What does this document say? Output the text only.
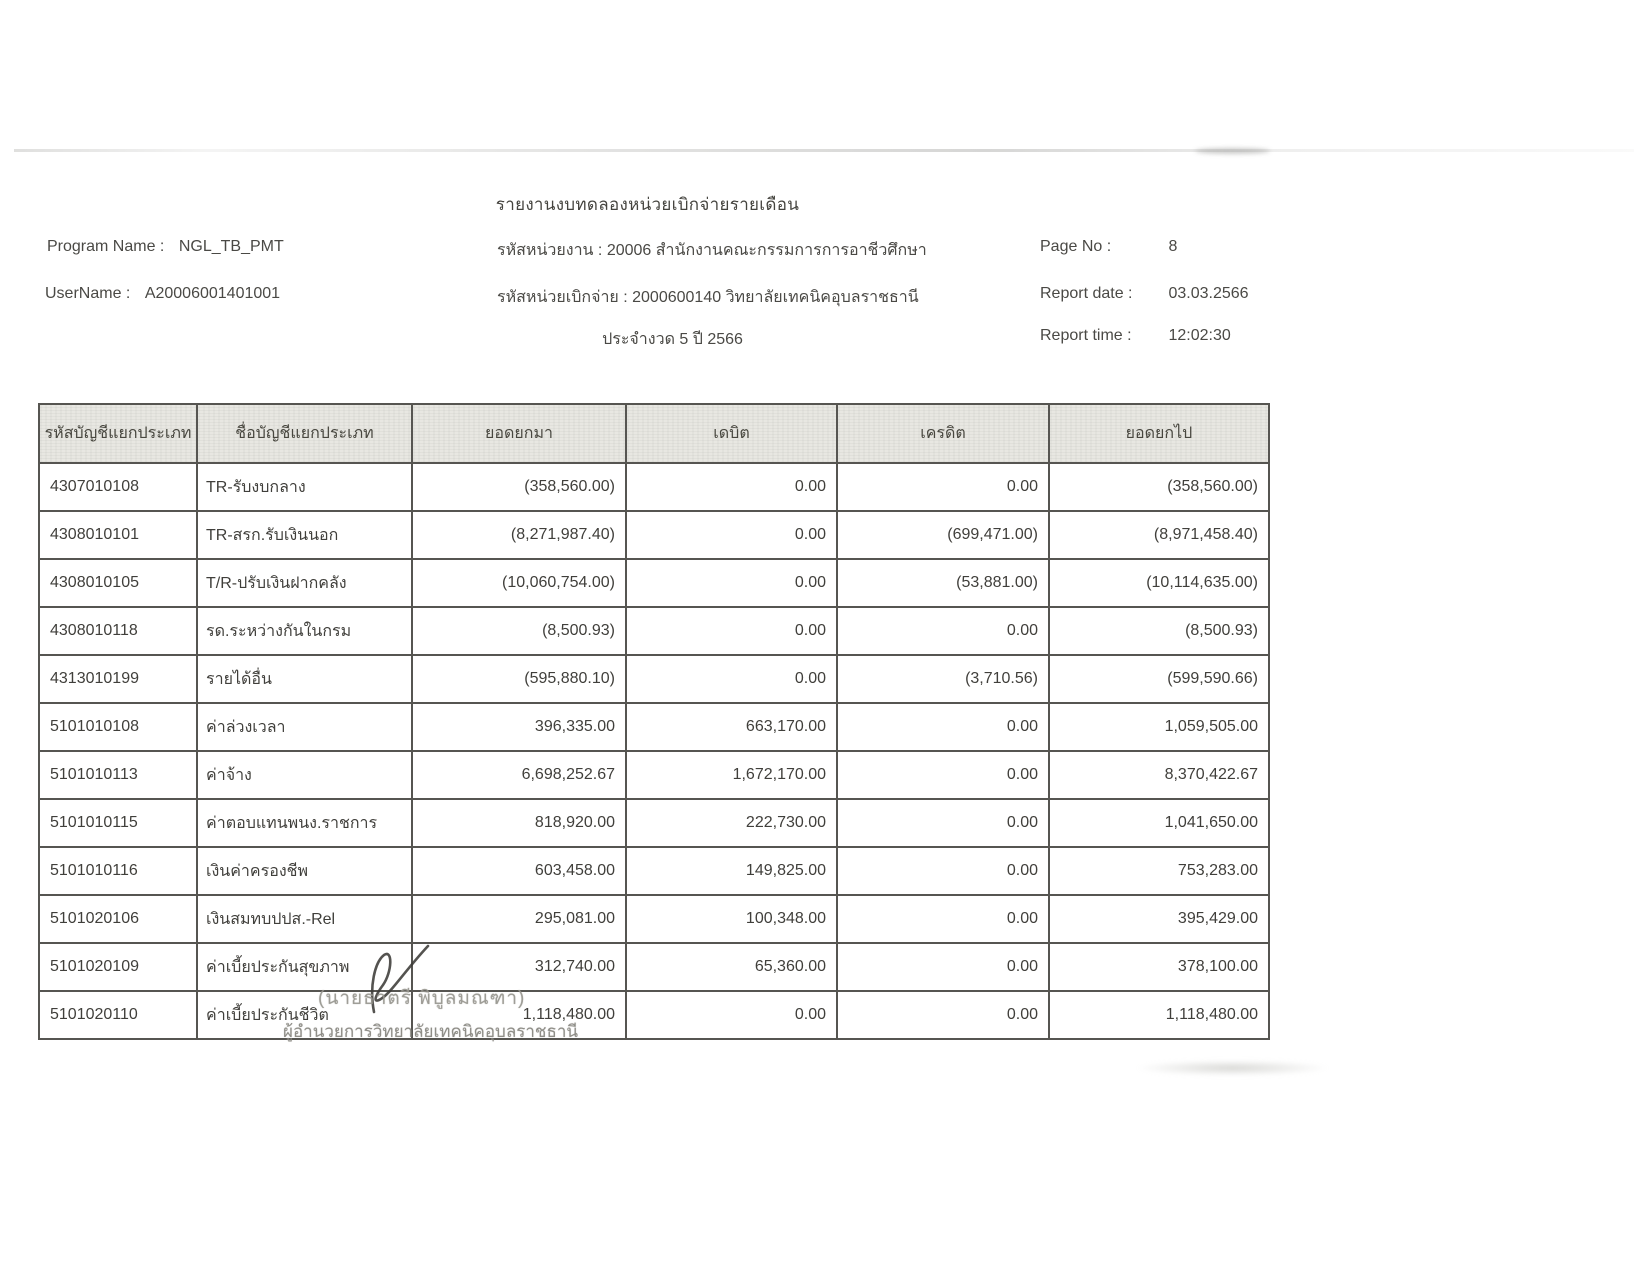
รายงานงบทดลองหน่วยเบิกจ่ายรายเดือน
Program Name : NGL_TB_PMT
UserName : A20006001401001
รหัสหน่วยงาน : 20006 สำนักงานคณะกรรมการการอาชีวศึกษา
รหัสหน่วยเบิกจ่าย : 2000600140 วิทยาลัยเทคนิคอุบลราชธานี
ประจำงวด 5 ปี 2566
Page No :	8
Report date : 03.03.2566
Report time : 12:02:30
รหัสบัญชีแยกประเภท	ชื่อบัญชีแยกประเภท	ยอดยกมา	เดบิต	เครดิต	ยอดยกไป
4307010108	TR-รับงบกลาง	(358,560.00)	0.00	0.00	(358,560.00)
4308010101	TR-สรก.รับเงินนอก	(8,271,987.40)	0.00	(699,471.00)	(8,971,458.40)
4308010105	T/R-ปรับเงินฝากคลัง	(10,060,754.00)	0.00	(53,881.00)	(10,114,635.00)
4308010118	รด.ระหว่างกันในกรม	(8,500.93)	0.00	0.00	(8,500.93)
4313010199	รายได้อื่น	(595,880.10)	0.00	(3,710.56)	(599,590.66)
5101010108	ค่าล่วงเวลา	396,335.00	663,170.00	0.00	1,059,505.00
5101010113	ค่าจ้าง	6,698,252.67	1,672,170.00	0.00	8,370,422.67
5101010115	ค่าตอบแทนพนง.ราชการ	818,920.00	222,730.00	0.00	1,041,650.00
5101010116	เงินค่าครองชีพ	603,458.00	149,825.00	0.00	753,283.00
5101020106	เงินสมทบปปส.-Rel	295,081.00	100,348.00	0.00	395,429.00
5101020109	ค่าเบี้ยประกันสุขภาพ	312,740.00	65,360.00	0.00	378,100.00
5101020110	ค่าเบี้ยประกันชีวิต	1,118,480.00	0.00	0.00	1,118,480.00
(นายธาตรี พิบูลมณฑา)
ผู้อำนวยการวิทยาลัยเทคนิคอุบลราชธานี
